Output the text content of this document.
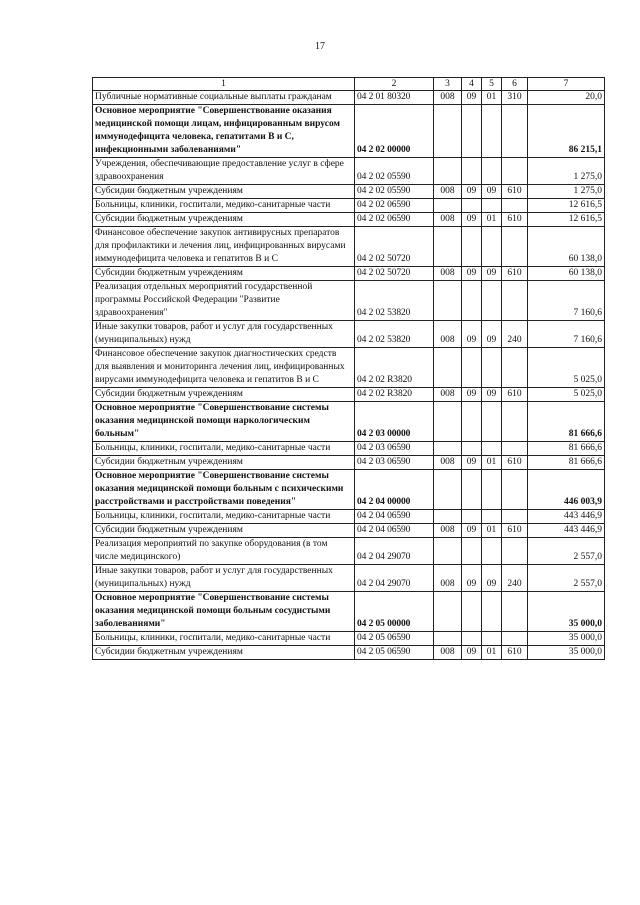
17
1	2	3	4	5	6	7
Публичные нормативные социальные выплаты гражданам	04 2 01 80320	008	09	01	310	20,0
Основное мероприятие "Совершенствование оказания медицинской помощи лицам, инфицированным вирусом иммунодефицита человека, гепатитами В и С, инфекционными заболеваниями"	04 2 02 00000					86 215,1
Учреждения, обеспечивающие предоставление услуг в сфере здравоохранения	04 2 02 05590					1 275,0
Субсидии бюджетным учреждениям	04 2 02 05590	008	09	09	610	1 275,0
Больницы, клиники, госпитали, медико-санитарные части	04 2 02 06590					12 616,5
Субсидии бюджетным учреждениям	04 2 02 06590	008	09	01	610	12 616,5
Финансовое обеспечение закупок антивирусных препаратов для профилактики и лечения лиц, инфицированных вирусами иммунодефицита человека и гепатитов В и С	04 2 02 50720					60 138,0
Субсидии бюджетным учреждениям	04 2 02 50720	008	09	09	610	60 138,0
Реализация отдельных мероприятий государственной программы Российской Федерации "Развитие здравоохранения"	04 2 02 53820					7 160,6
Иные закупки товаров, работ и услуг для государственных (муниципальных) нужд	04 2 02 53820	008	09	09	240	7 160,6
Финансовое обеспечение закупок диагностических средств для выявления и мониторинга лечения лиц, инфицированных вирусами иммунодефицита человека и гепатитов В и С	04 2 02 R3820					5 025,0
Субсидии бюджетным учреждениям	04 2 02 R3820	008	09	09	610	5 025,0
Основное мероприятие "Совершенствование системы оказания медицинской помощи наркологическим больным"	04 2 03 00000					81 666,6
Больницы, клиники, госпитали, медико-санитарные части	04 2 03 06590					81 666,6
Субсидии бюджетным учреждениям	04 2 03 06590	008	09	01	610	81 666,6
Основное мероприятие "Совершенствование системы оказания медицинской помощи больным с психическими расстройствами и расстройствами поведения"	04 2 04 00000					446 003,9
Больницы, клиники, госпитали, медико-санитарные части	04 2 04 06590					443 446,9
Субсидии бюджетным учреждениям	04 2 04 06590	008	09	01	610	443 446,9
Реализация мероприятий по закупке оборудования (в том числе медицинского)	04 2 04 29070					2 557,0
Иные закупки товаров, работ и услуг для государственных (муниципальных) нужд	04 2 04 29070	008	09	09	240	2 557,0
Основное мероприятие "Совершенствование системы оказания медицинской помощи больным сосудистыми заболеваниями"	04 2 05 00000					35 000,0
Больницы, клиники, госпитали, медико-санитарные части	04 2 05 06590					35 000,0
Субсидии бюджетным учреждениям	04 2 05 06590	008	09	01	610	35 000,0
